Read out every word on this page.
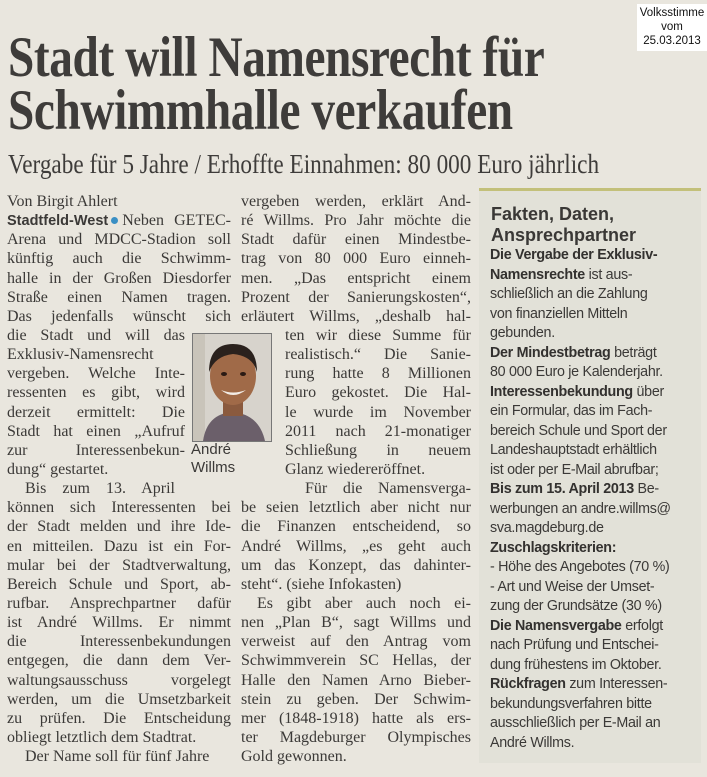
Volksstimme
vom 25.03.2013
Stadt will Namensrecht für
Schwimmhalle verkaufen
Vergabe für 5 Jahre / Erhoffte Einnahmen: 80 000 Euro jährlich
Von Birgit Ahlert
Stadtfeld-West Neben GETEC-
Arena und MDCC-Stadion soll
künftig auch die Schwimm-
halle in der Großen Diesdorfer
Straße einen Namen tragen.
Das jedenfalls wünscht sich
die Stadt und will das
Exklusiv-Namensrecht
vergeben. Welche Inte-
ressenten es gibt, wird
derzeit ermittelt: Die
Stadt hat einen „Aufruf
zur Interessenbekun-
dung“ gestartet.
Bis zum 13. April
können sich Interessenten bei
der Stadt melden und ihre Ide-
en mitteilen. Dazu ist ein For-
mular bei der Stadtverwaltung,
Bereich Schule und Sport, ab-
rufbar. Ansprechpartner dafür
ist André Willms. Er nimmt
die Interessenbekundungen
entgegen, die dann dem Ver-
waltungsausschuss vorgelegt
werden, um die Umsetzbarkeit
zu prüfen. Die Entscheidung
obliegt letztlich dem Stadtrat.
Der Name soll für fünf Jahre
vergeben werden, erklärt And-
ré Willms. Pro Jahr möchte die
Stadt dafür einen Mindestbe-
trag von 80 000 Euro einneh-
men. „Das entspricht einem
Prozent der Sanierungskosten“,
erläutert Willms, „deshalb hal-
ten wir diese Summe für
realistisch.“ Die Sanie-
rung hatte 8 Millionen
Euro gekostet. Die Hal-
le wurde im November
2011 nach 21-monatiger
Schließung in neuem
Glanz wiedereröffnet.
Für die Namensverga-
be seien letztlich aber nicht nur
die Finanzen entscheidend, so
André Willms, „es geht auch
um das Konzept, das dahinter-
steht“. (siehe Infokasten)
Es gibt aber auch noch ei-
nen „Plan B“, sagt Willms und
verweist auf den Antrag vom
Schwimmverein SC Hellas, der
Halle den Namen Arno Bieber-
stein zu geben. Der Schwim-
mer (1848-1918) hatte als ers-
ter Magdeburger Olympisches
Gold gewonnen.
André
Willms
Fakten, Daten,
Ansprechpartner
Die Vergabe der Exklusiv-
Namensrechte ist aus-
schließlich an die Zahlung
von finanziellen Mitteln
gebunden.
Der Mindestbetrag beträgt
80 000 Euro je Kalenderjahr.
Interessenbekundung über
ein Formular, das im Fach-
bereich Schule und Sport der
Landeshauptstadt erhältlich
ist oder per E-Mail abrufbar;
Bis zum 15. April 2013 Be-
werbungen an andre.willms@
sva.magdeburg.de
Zuschlagskriterien:
- Höhe des Angebotes (70 %)
- Art und Weise der Umset-
zung der Grundsätze (30 %)
Die Namensvergabe erfolgt
nach Prüfung und Entschei-
dung frühestens im Oktober.
Rückfragen zum Interessen-
bekundungsverfahren bitte
ausschließlich per E-Mail an
André Willms.
